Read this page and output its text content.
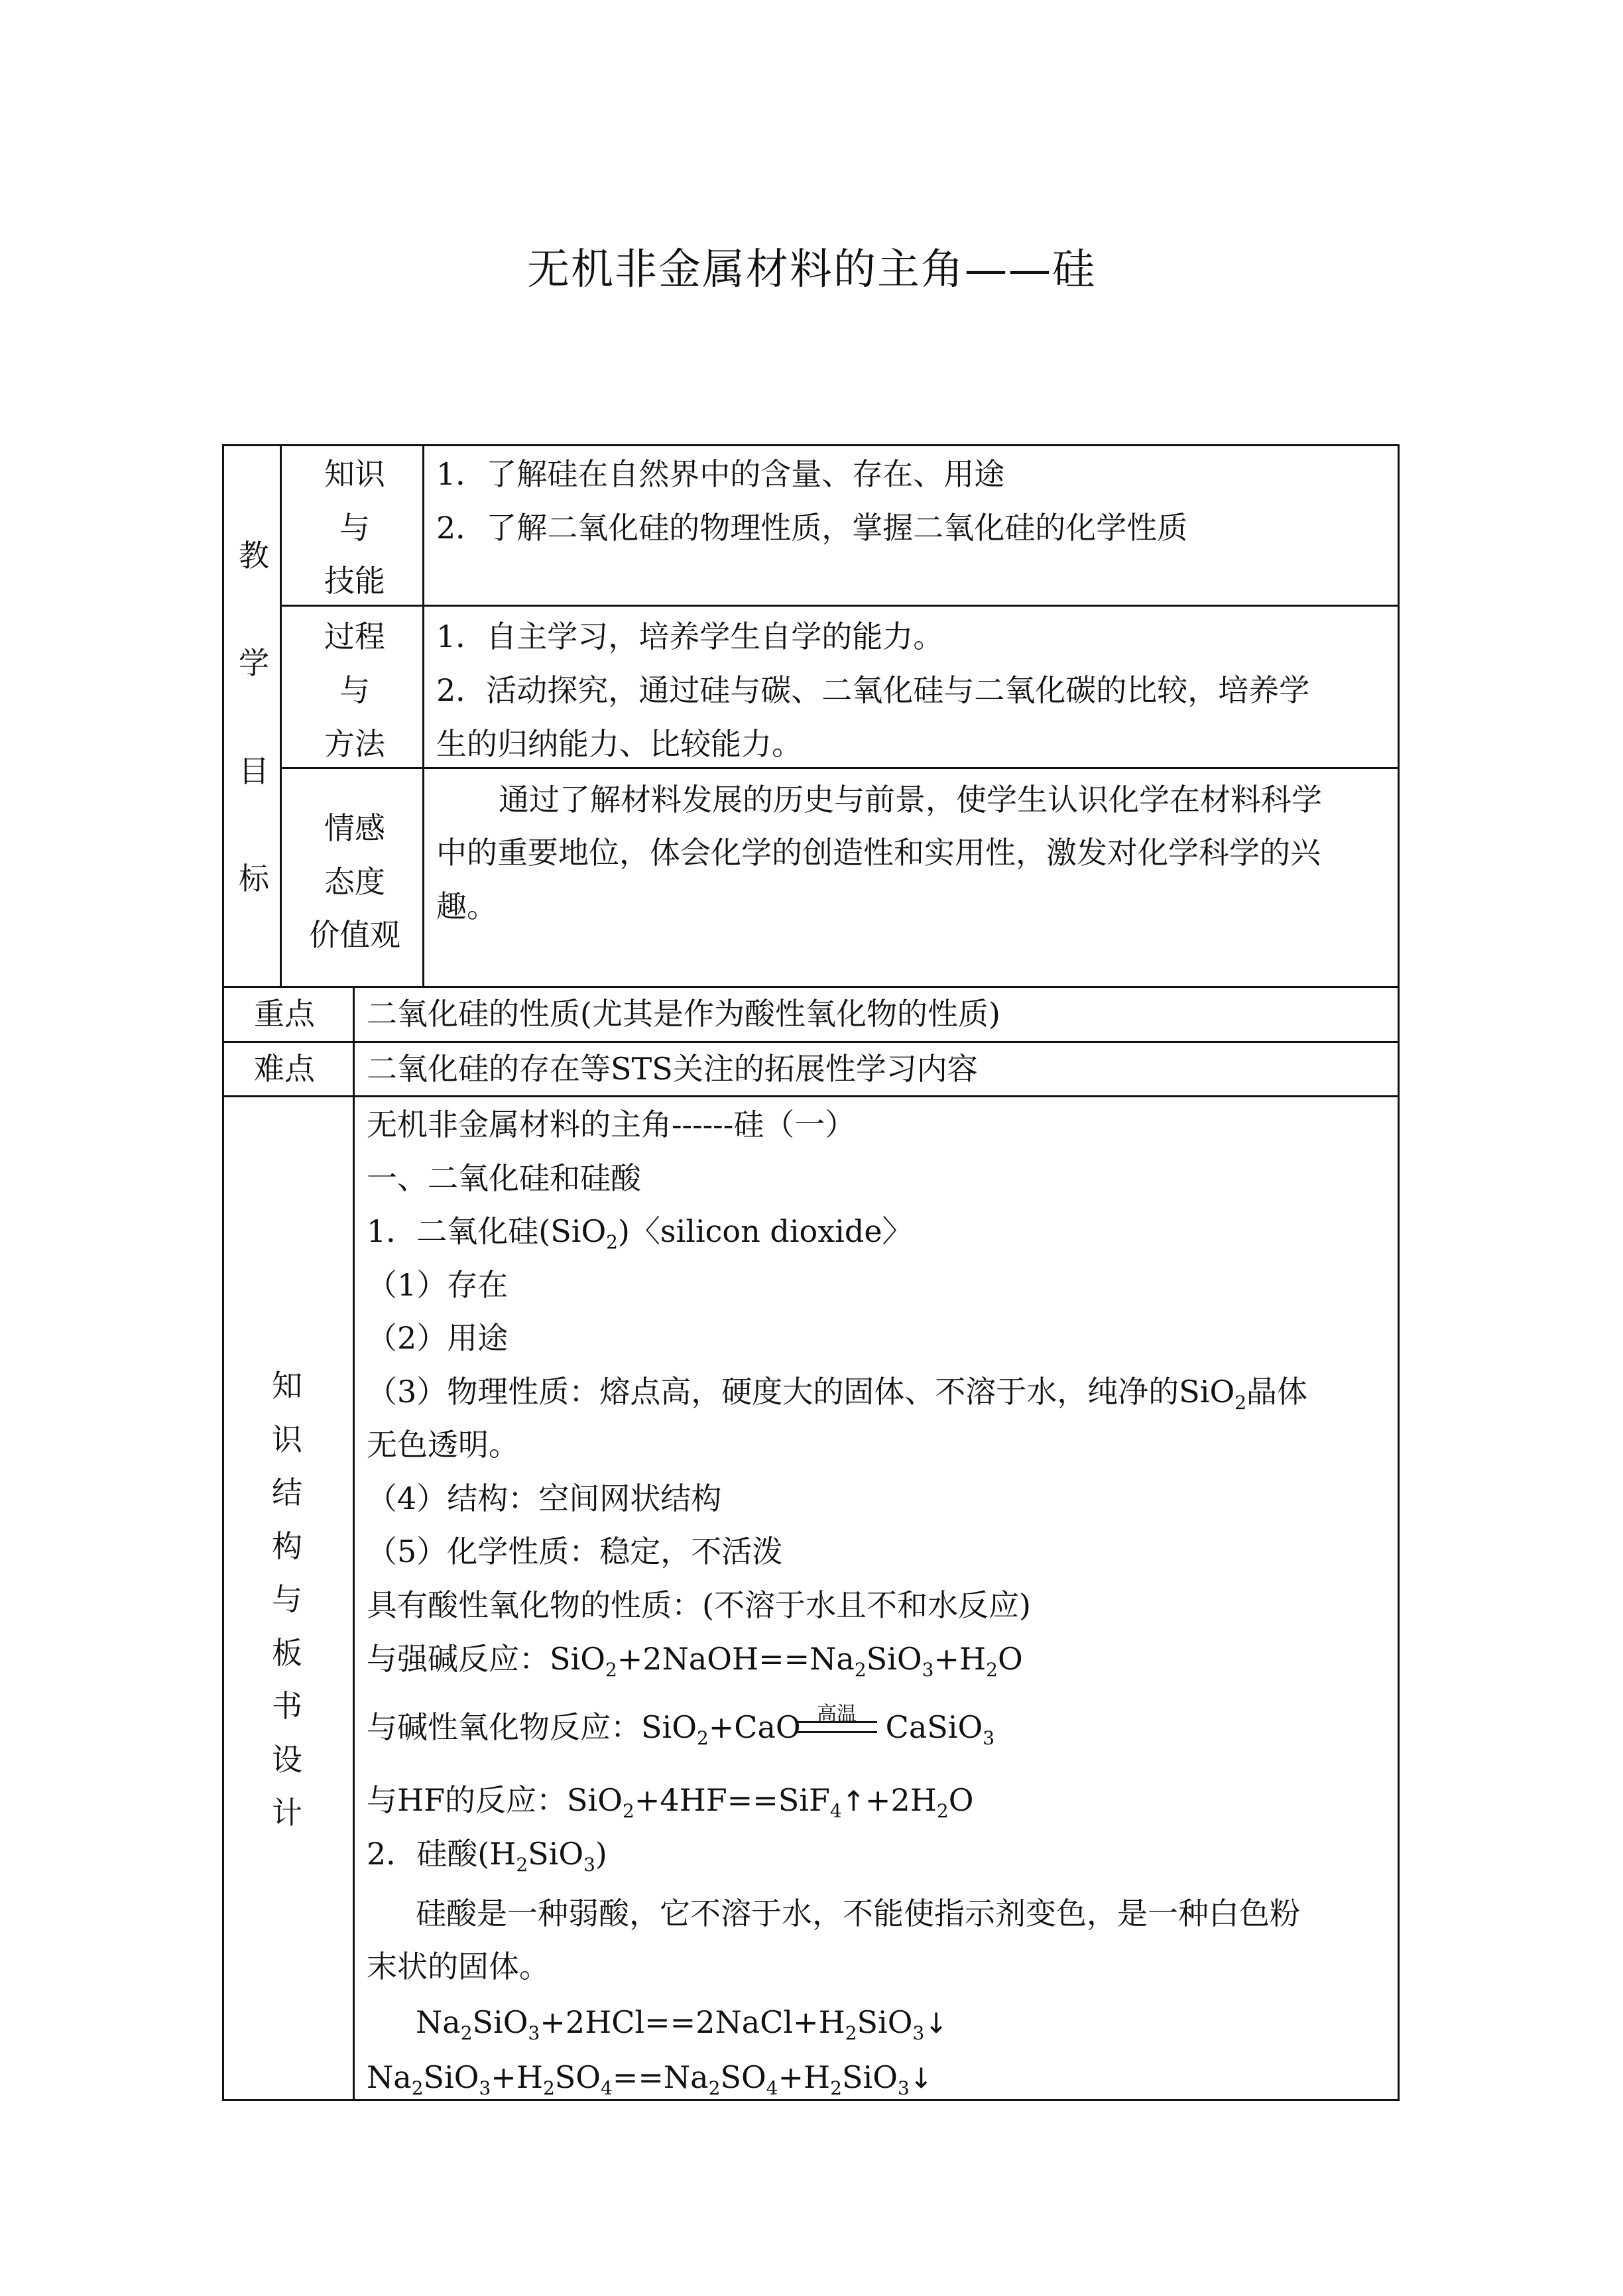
无机非金属材料的主角——硅
教
学
目
标
知识
与
技能
1．了解硅在自然界中的含量、存在、用途
2．了解二氧化硅的物理性质，掌握二氧化硅的化学性质
过程
与
方法
1．自主学习，培养学生自学的能力。
2．活动探究，通过硅与碳、二氧化硅与二氧化碳的比较，培养学
生的归纳能力、比较能力。
情感
态度
价值观
通过了解材料发展的历史与前景，使学生认识化学在材料科学
中的重要地位，体会化学的创造性和实用性，激发对化学科学的兴
趣。
重点 二氧化硅的性质(尤其是作为酸性氧化物的性质)
难点 二氧化硅的存在等STS关注的拓展性学习内容
知
识
结
构
与
板
书
设
计
无机非金属材料的主角------硅（一）
一、二氧化硅和硅酸
1．二氧化硅(SiO$_2$)〈silicon dioxide〉
（1）存在
（2）用途
（3）物理性质：熔点高，硬度大的固体、不溶于水，纯净的SiO$_2$晶体
无色透明。
（4）结构：空间网状结构
（5）化学性质：稳定，不活泼
具有酸性氧化物的性质：(不溶于水且不和水反应)
与强碱反应：$SiO_2+2NaOH==Na_2SiO_3+H_2O$
与碱性氧化物反应：SiO$_2$+CaO	CaSiO$_3$
高温
与HF的反应：$SiO_2+4HF==SiF_4↑+2H_2O$
2．硅酸$(H_2SiO_3)$
硅酸是一种弱酸，它不溶于水，不能使指示剂变色，是一种白色粉
末状的固体。
$Na_2SiO_3+2HCl==2NaCl+H_2SiO_3↓$
$Na_2SiO_3+H_2SO_4==Na_2SO_4+H_2SiO_3↓$
